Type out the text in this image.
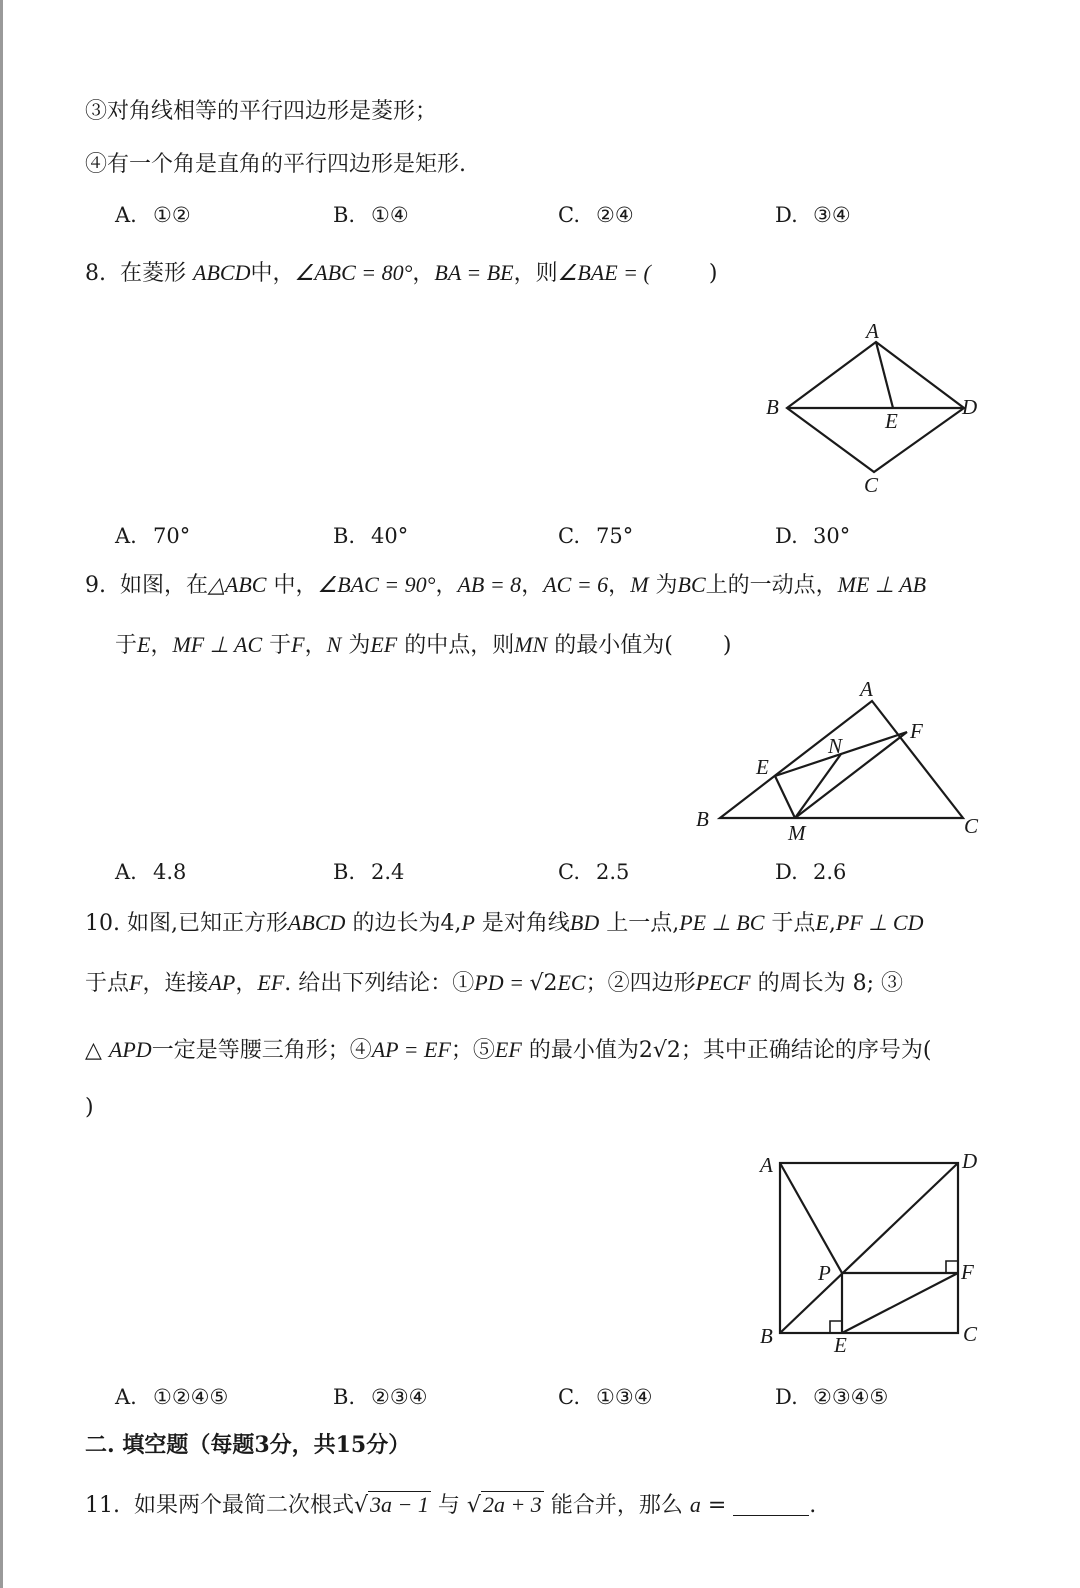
③对角线相等的平行四边形是菱形；
④有一个角是直角的平行四边形是矩形.
A. ①②	B. ①④	C. ②④	D. ③④
8. 在菱形 ABCD中，∠ABC = 80°，BA = BE，则∠BAE = (	)
A
B	D
E
C
A. 70°	B. 40°	C. 75°	D. 30°
9. 如图，在△ABC 中，∠BAC = 90°，AB = 8，AC = 6，M 为BC上的一动点，ME ⊥ AB
于E，MF ⊥ AC 于F，N 为EF 的中点，则MN 的最小值为( )
A
B	C
E
F
M
N
A. 4.8	B. 2.4	C. 2.5	D. 2.6
10. 如图,已知正方形ABCD 的边长为4,P 是对角线BD 上一点,PE ⊥ BC 于点E,PF ⊥ CD
于点F，连接AP，EF. 给出下列结论：①PD = √2EC；②四边形PECF 的周长为 8; ③
△ APD一定是等腰三角形；④AP = EF；⑤EF 的最小值为2√2；其中正确结论的序号为(
)
A	D
B	C
E
F
P
A. ①②④⑤	B. ②③④	C. ①③④	D. ②③④⑤
二. 填空题（每题3分，共15分）
11. 如果两个最简二次根式√3a − 1 与 √2a + 3 能合并，那么 a =	.
